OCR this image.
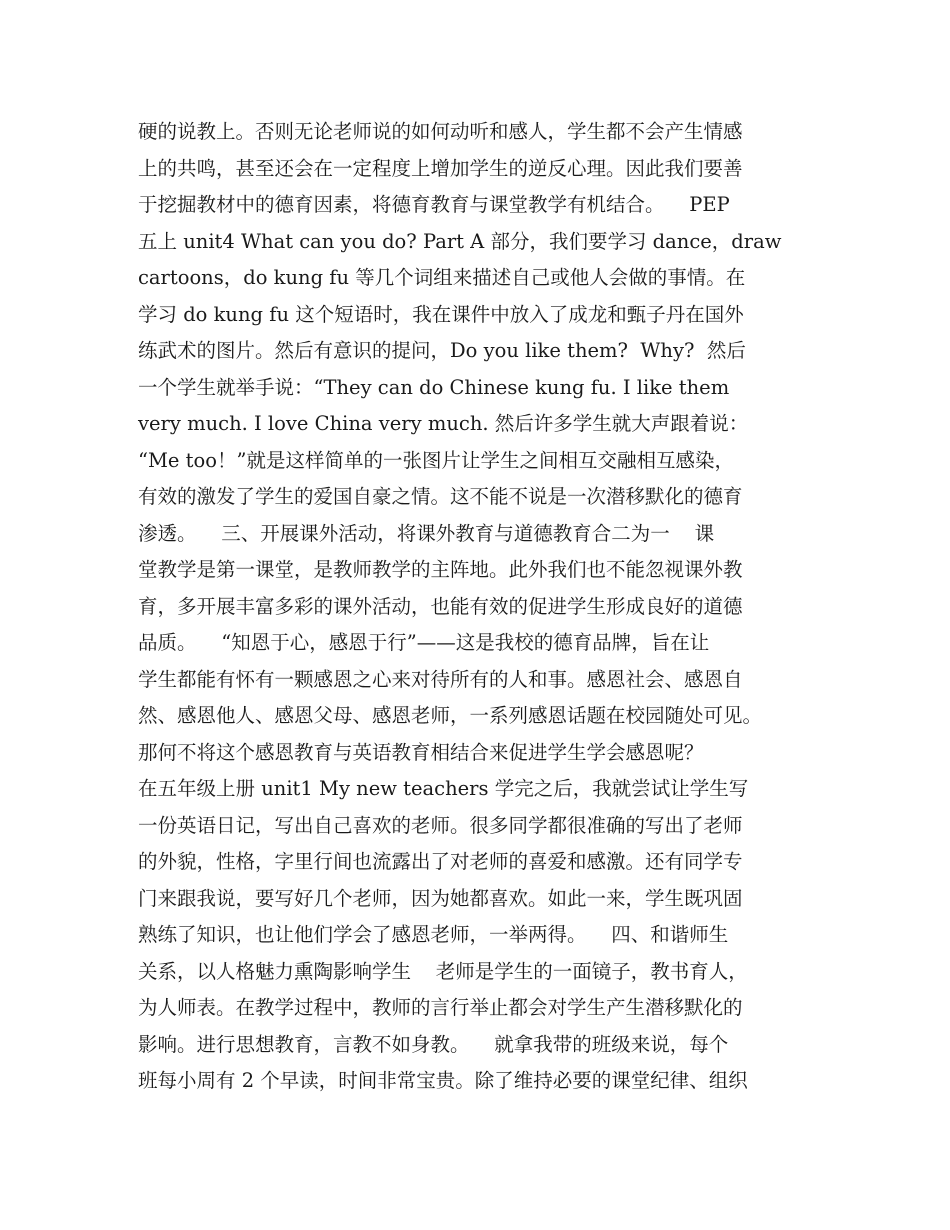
硬的说教上。否则无论老师说的如何动听和感人，学生都不会产生情感
上的共鸣，甚至还会在一定程度上增加学生的逆反心理。因此我们要善
于挖掘教材中的德育因素，将德育教育与课堂教学有机结合。    PEP
五上 unit4 What can you do? Part A 部分，我们要学习 dance，draw
cartoons，do kung fu 等几个词组来描述自己或他人会做的事情。在
学习 do kung fu 这个短语时，我在课件中放入了成龙和甄子丹在国外
练武术的图片。然后有意识的提问，Do you like them?  Why?  然后
一个学生就举手说：“They can do Chinese kung fu. I like them
very much. I love China very much. 然后许多学生就大声跟着说：
“Me too！”就是这样简单的一张图片让学生之间相互交融相互感染，
有效的激发了学生的爱国自豪之情。这不能不说是一次潜移默化的德育
渗透。    三、开展课外活动，将课外教育与道德教育合二为一    课
堂教学是第一课堂，是教师教学的主阵地。此外我们也不能忽视课外教
育，多开展丰富多彩的课外活动，也能有效的促进学生形成良好的道德
品质。    “知恩于心，感恩于行”——这是我校的德育品牌，旨在让
学生都能有怀有一颗感恩之心来对待所有的人和事。感恩社会、感恩自
然、感恩他人、感恩父母、感恩老师，一系列感恩话题在校园随处可见。
那何不将这个感恩教育与英语教育相结合来促进学生学会感恩呢？
在五年级上册 unit1 My new teachers 学完之后，我就尝试让学生写
一份英语日记，写出自己喜欢的老师。很多同学都很准确的写出了老师
的外貌，性格，字里行间也流露出了对老师的喜爱和感激。还有同学专
门来跟我说，要写好几个老师，因为她都喜欢。如此一来，学生既巩固
熟练了知识，也让他们学会了感恩老师，一举两得。    四、和谐师生
关系，以人格魅力熏陶影响学生    老师是学生的一面镜子，教书育人，
为人师表。在教学过程中，教师的言行举止都会对学生产生潜移默化的
影响。进行思想教育，言教不如身教。    就拿我带的班级来说，每个
班每小周有 2 个早读，时间非常宝贵。除了维持必要的课堂纪律、组织
